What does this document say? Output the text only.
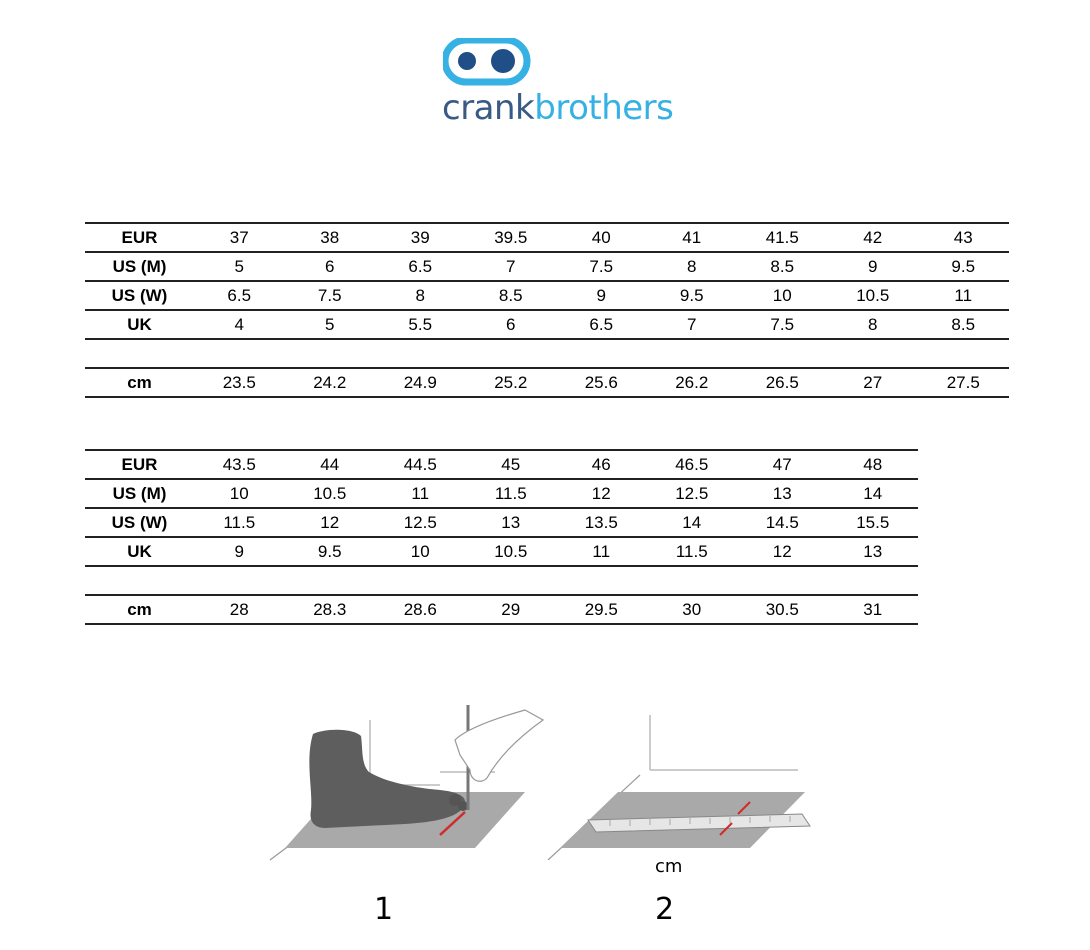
crankbrothers
EUR	37	38	39	39.5	40	41	41.5	42	43
US (M)	5	6	6.5	7	7.5	8	8.5	9	9.5
US (W)	6.5	7.5	8	8.5	9	9.5	10	10.5	11
UK	4	5	5.5	6	6.5	7	7.5	8	8.5

cm	23.5	24.2	24.9	25.2	25.6	26.2	26.5	27	27.5
EUR	43.5	44	44.5	45	46	46.5	47	48
US (M)	10	10.5	11	11.5	12	12.5	13	14
US (W)	11.5	12	12.5	13	13.5	14	14.5	15.5
UK	9	9.5	10	10.5	11	11.5	12	13

cm	28	28.3	28.6	29	29.5	30	30.5	31
1
cm
2
